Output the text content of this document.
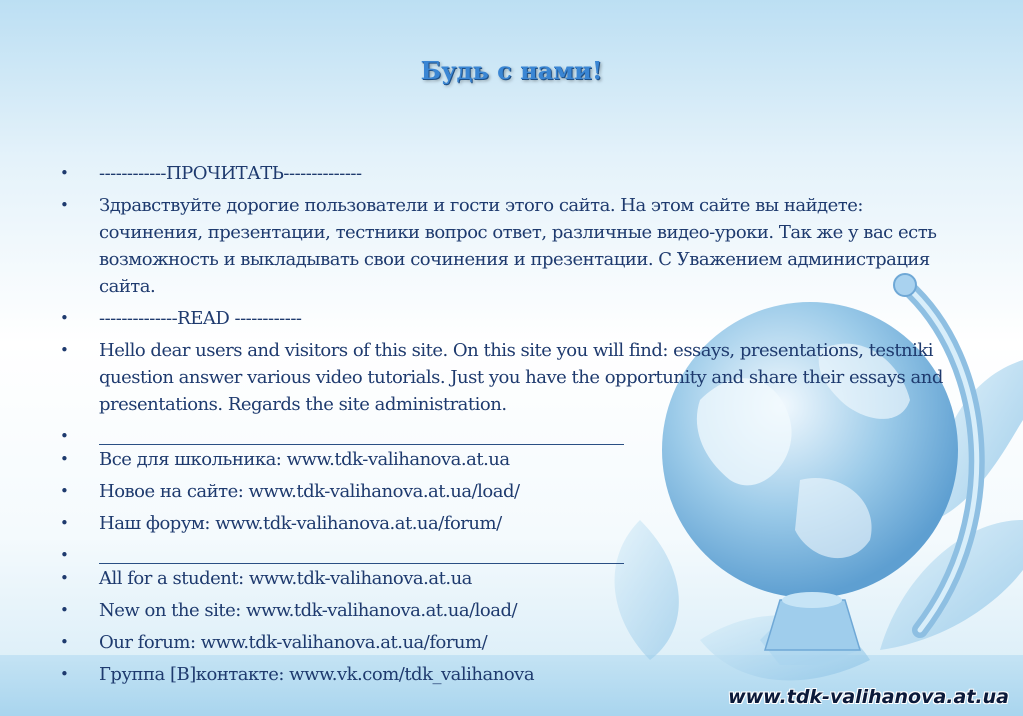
Будь с нами!
• ------------ПРОЧИТАТЬ--------------
• Здравствуйте дорогие пользователи и гости этого сайта. На этом сайте вы найдете: сочинения, презентации, тестники вопрос ответ, различные видео-уроки. Так же у вас есть возможность и выкладывать свои сочинения и презентации. С Уважением администрация сайта.
• --------------READ ------------
• Hello dear users and visitors of this site. On this site you will find: essays, presentations, testniki question answer various video tutorials. Just you have the opportunity and share their essays and presentations. Regards the site administration.
•
• Все для школьника: www.tdk-valihanova.at.ua
• Новое на сайте: www.tdk-valihanova.at.ua/load/
• Наш форум: www.tdk-valihanova.at.ua/forum/
•
• All for a student: www.tdk-valihanova.at.ua
• New on the site: www.tdk-valihanova.at.ua/load/
• Our forum: www.tdk-valihanova.at.ua/forum/
• Группа [В]контакте: www.vk.com/tdk_valihanova
www.tdk-valihanova.at.ua
